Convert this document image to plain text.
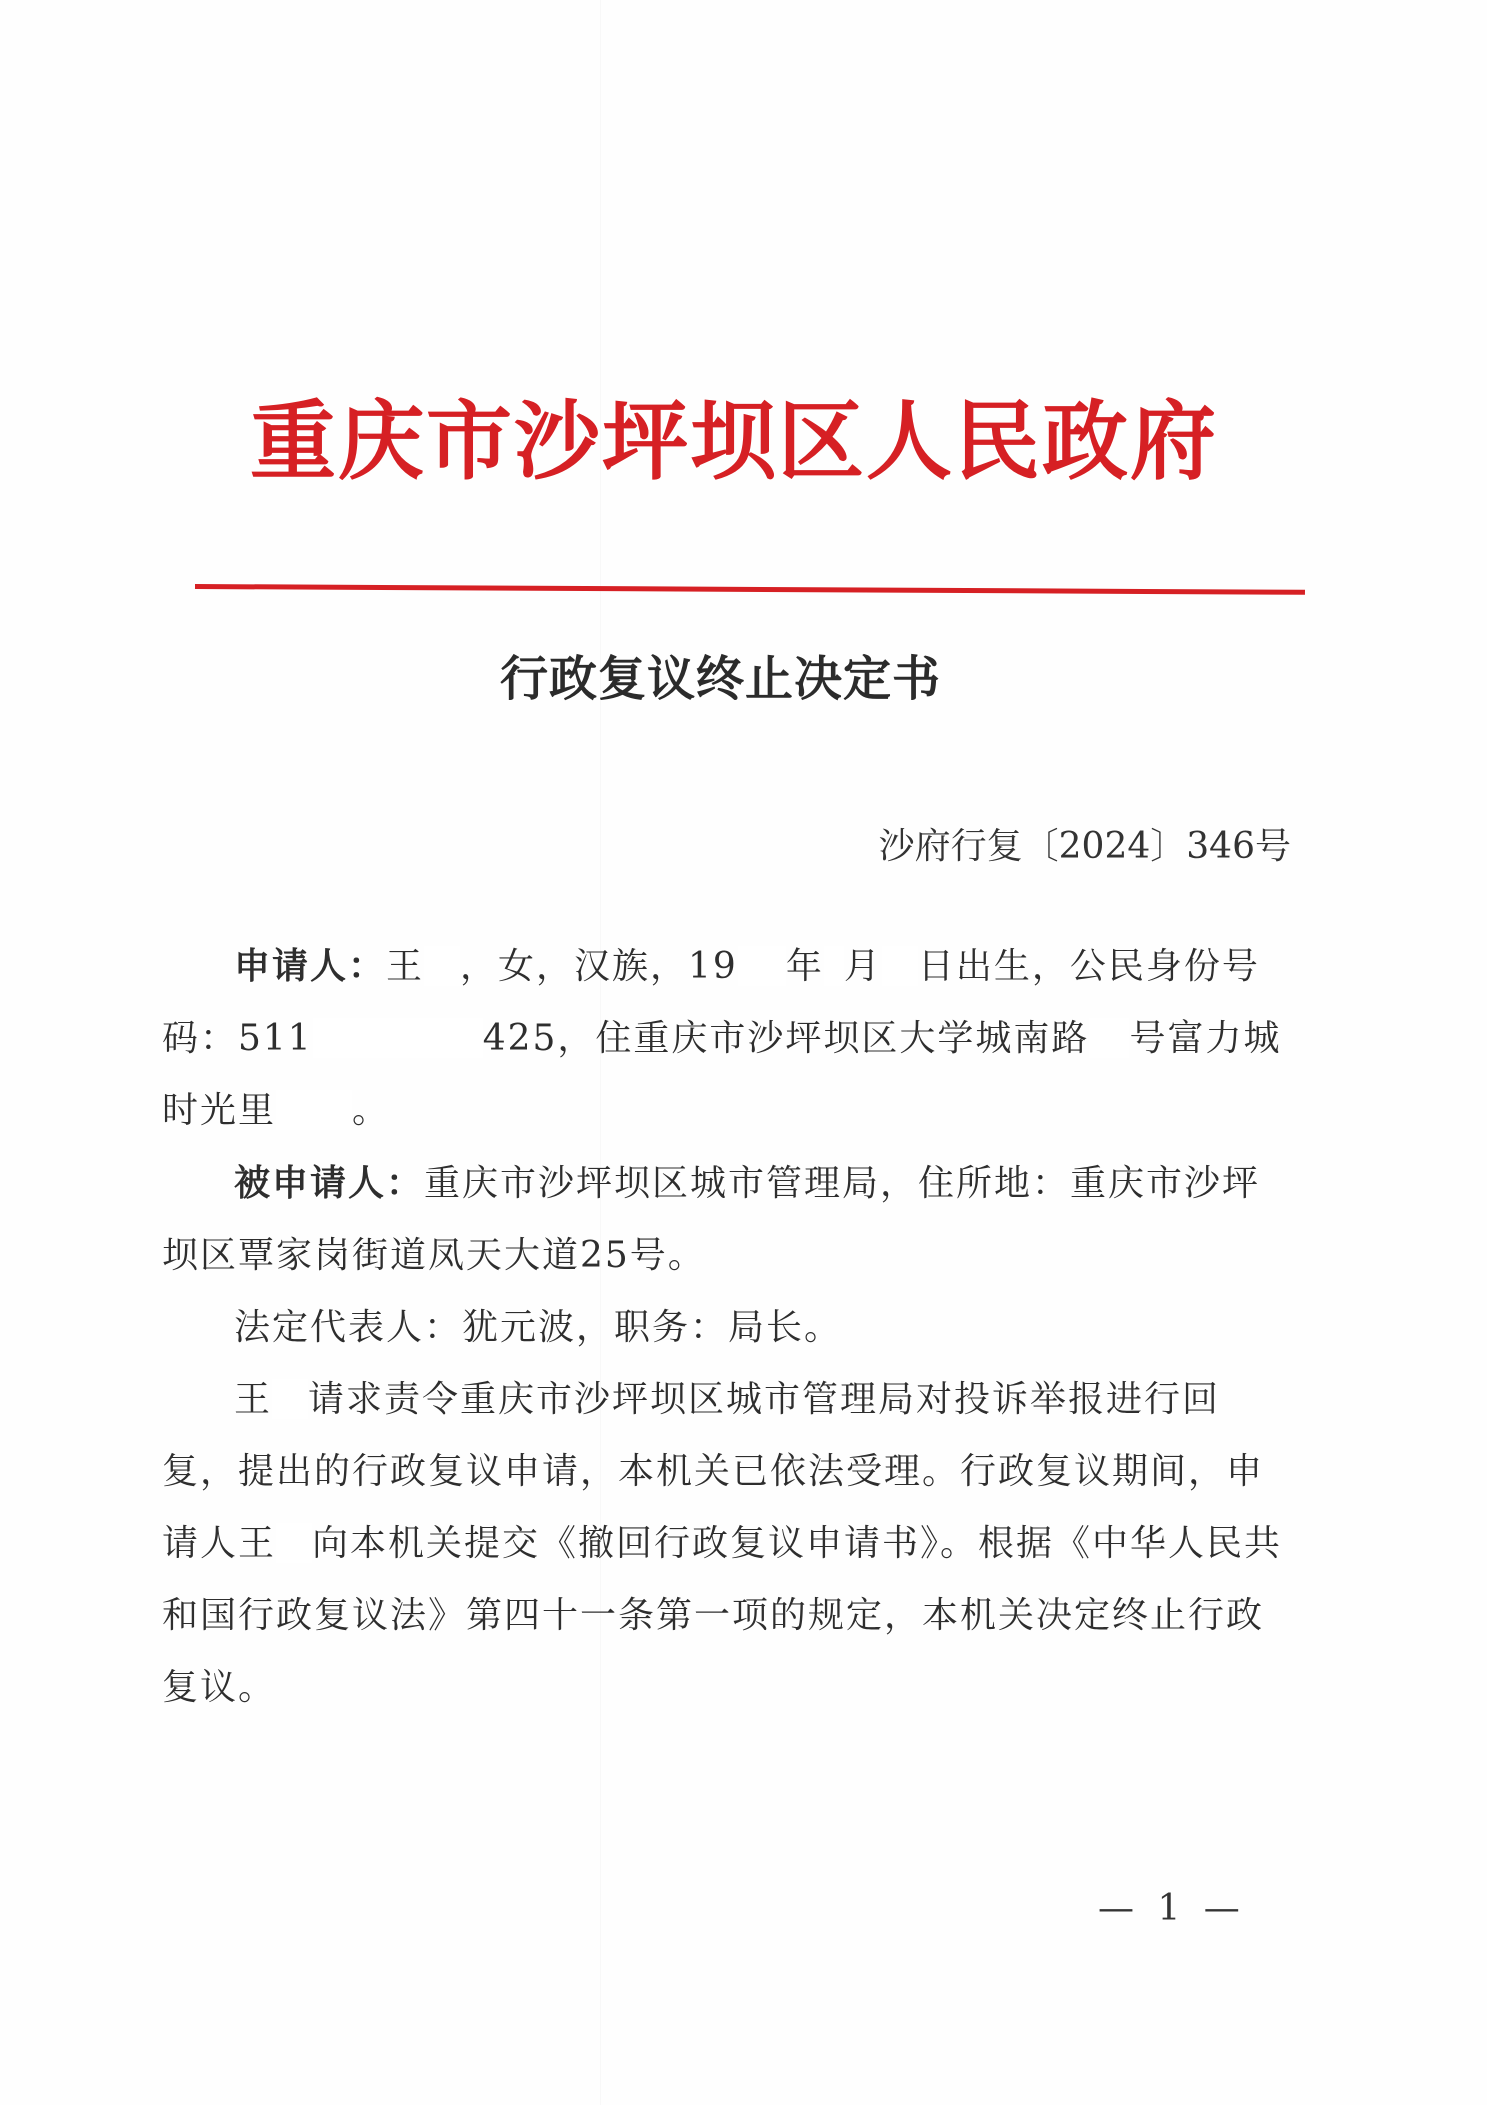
重庆市沙坪坝区人民政府
行政复议终止决定书
沙府行复〔2024〕346号

申请人：王 ，女，汉族，19 年 月 日出生，公民身份号码：511	425，住重庆市沙坪坝区大学城南路 号富力城时光里 。

被申请人：重庆市沙坪坝区城市管理局，住所地：重庆市沙坪坝区覃家岗街道凤天大道25号。

法定代表人：犹元波，职务：局长。

王 请求责令重庆市沙坪坝区城市管理局对投诉举报进行回复，提出的行政复议申请，本机关已依法受理。行政复议期间，申请人王 向本机关提交《撤回行政复议申请书》。根据《中华人民共和国行政复议法》第四十一条第一项的规定，本机关决定终止行政复议。

— 1 —
